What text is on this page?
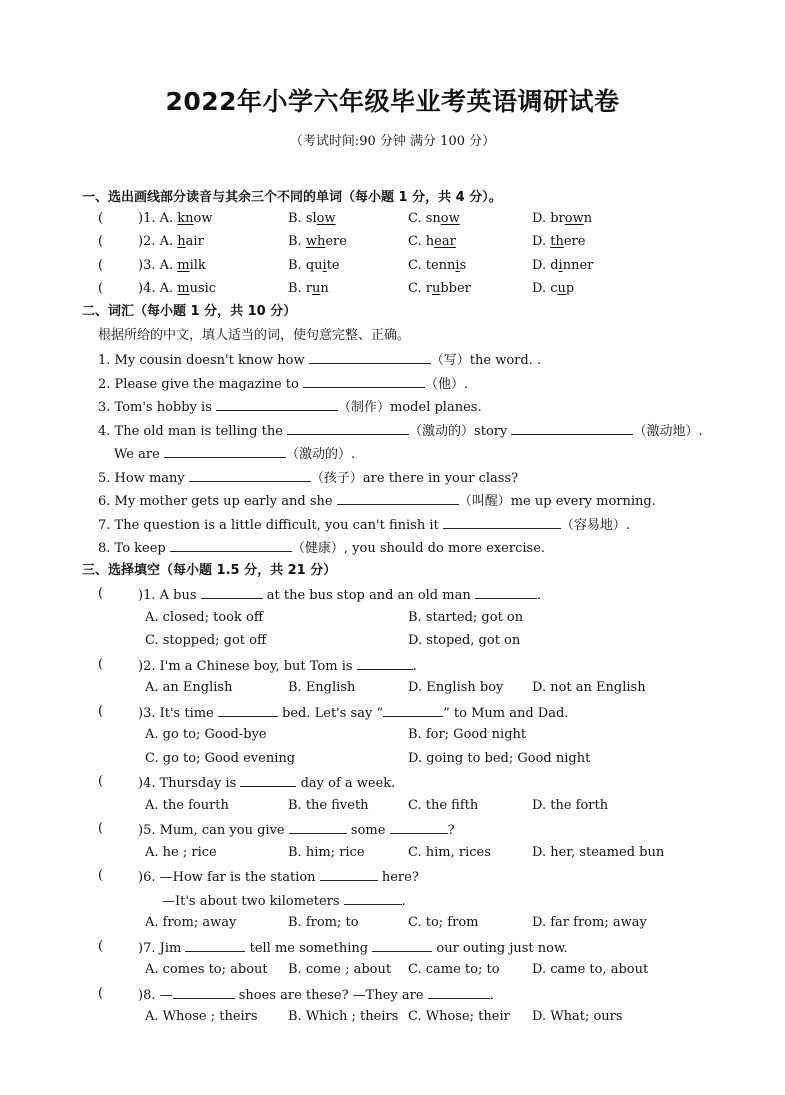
2022年小学六年级毕业考英语调研试卷
（考试时间:90 分钟 满分 100 分）
一、选出画线部分读音与其余三个不同的单词（每小题 1 分，共 4 分）。
(	)1. A. know	B. slow	C. snow	D. brown
(	)2. A. hair	B. where	C. hear	D. there
(	)3. A. milk	B. quite	C. tennis	D. dinner
(	)4. A. music	B. run	C. rubber	D. cup
二、词汇（每小题 1 分，共 10 分）
根据所给的中文，填人适当的词，使句意完整、正确。
1. My cousin doesn't know how	（写）the word. .
2. Please give the magazine to	（他）.
3. Tom's hobby is	（制作）model planes.
4. The old man is telling the	（激动的）story	（激动地）.
We are	（激动的）.
5. How many	（孩子）are there in your class?
6. My mother gets up early and she	（叫醒）me up every morning.
7. The question is a little difficult, you can't finish it	（容易地）.
8. To keep	（健康）, you should do more exercise.
三、选择填空（每小题 1.5 分，共 21 分）
(	)1. A bus	at the bus stop and an old man	.
A. closed; took off	B. started; got on
C. stopped; got off	D. stoped, got on
(	)2. I'm a Chinese boy, but Tom is	.
A. an English	B. English	D. English boy D. not an English
(	)3. It's time	bed. Let's say “	” to Mum and Dad.
A. go to; Good-bye	B. for; Good night
C. go to; Good evening	D. going to bed; Good night
(	)4. Thursday is	day of a week.
A. the fourth	B. the fiveth	C. the fifth	D. the forth
(	)5. Mum, can you give	some	?
A. he ; rice	B. him; rice	C. him, rices	D. her, steamed bun
(	)6. —How far is the station	here?
—It's about two kilometers	.
A. from; away	B. from; to	C. to; from	D. far from; away
(	)7. Jim	tell me something	our outing just now.
A. comes to; about B. come ; about C. came to; to D. came to, about
(	)8. —	shoes are these? —They are	.
A. Whose ; theirs B. Which ; theirs C. Whose; their D. What; ours
